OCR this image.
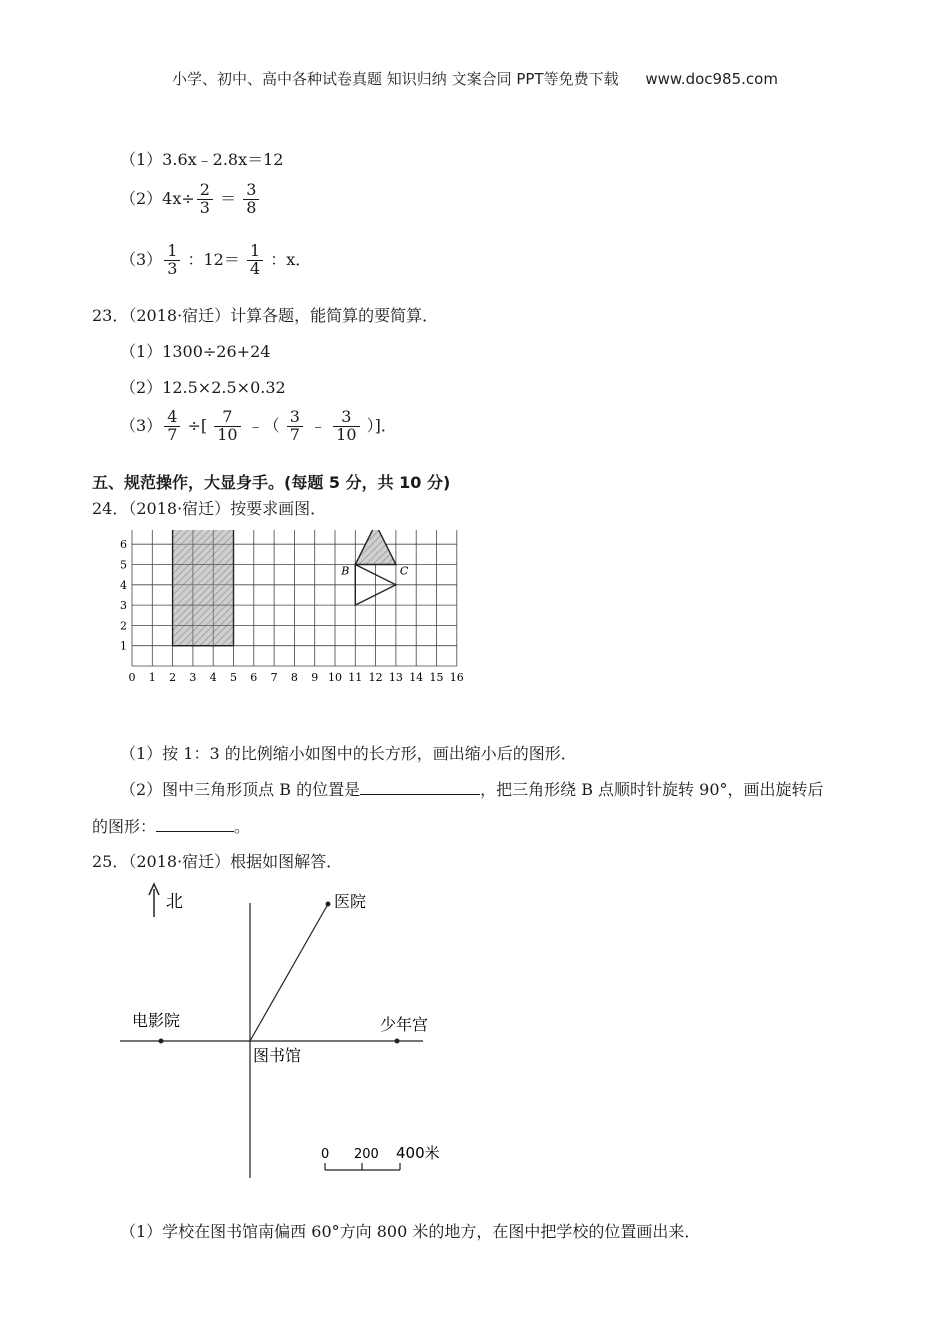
小学、初中、高中各种试卷真题 知识归纳 文案合同 PPT等免费下载 www.doc985.com
（1）3.6x﹣2.8x＝12
$(2)4x\div \frac{2}{3} = \frac{3}{8}$
$(3) \frac{1}{3}$ ：$12= \frac{1}{4}$ ：x．
23．（2018·宿迁）计算各题，能简算的要简算．
（1）1300÷26+24
（2）12.5×2.5×0.32
$(3) \frac{4}{7}$ ÷[ $\frac{7}{10}$ ﹣（ $\frac{3}{7}$ ﹣ $\frac{3}{10}$ ）]．
五、规范操作，大显身手。(每题 5 分，共 10 分)
24．（2018·宿迁）按要求画图．
B	C
0 1 2 3 4 5 6 7 8 9 10 11 12 13 14 15 16
1
2
3
4
5
6
（1）按 1：3 的比例缩小如图中的长方形，画出缩小后的图形．
（2）图中三角形顶点 B 的位置是	，把三角形绕 B 点顺时针旋转 90°，画出旋转后
的图形：	。
25．（2018·宿迁）根据如图解答．
北	医院
电影院	少年宫
图书馆
0 200 400米
（1）学校在图书馆南偏西 60°方向 800 米的地方，在图中把学校的位置画出来．
